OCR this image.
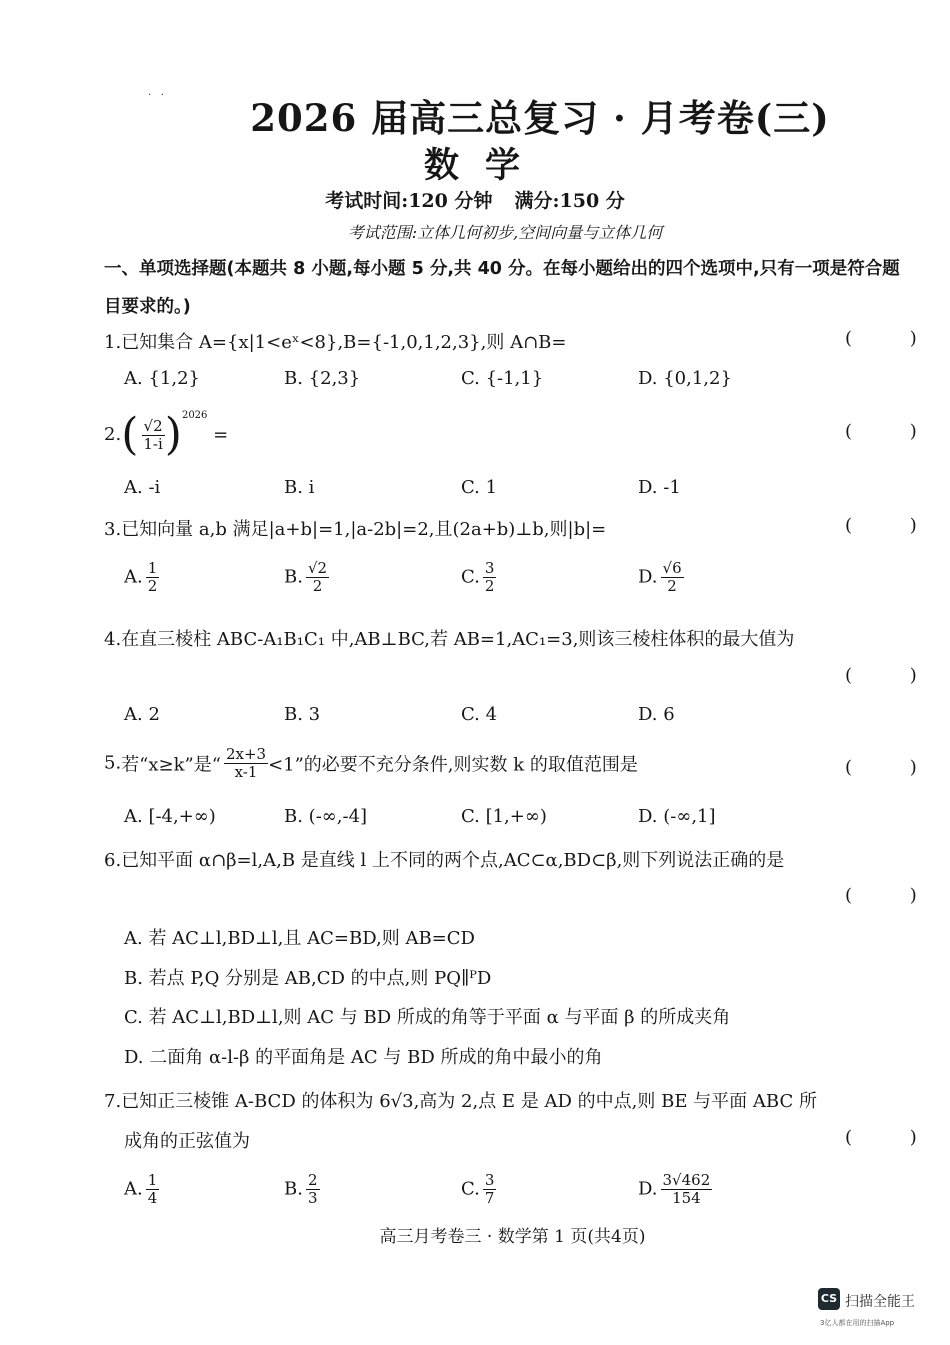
·   ·
2026 届高三总复习 · 月考卷(三)
数学
考试时间:120 分钟 满分:150 分
考试范围:立体几何初步,空间向量与立体几何
一、单项选择题(本题共 8 小题,每小题 5 分,共 40 分。在每小题给出的四个选项中,只有一项是符合题目要求的。)
1.已知集合 A={x|1<eˣ<8},B={-1,0,1,2,3},则 A∩B=	( )
A. {1,2}	B. {2,3}	C. {-1,1}	D. {0,1,2}
$2.( \frac{√2}{1-i} )^{2026}$ =	( )
A. -i	B. i	C. 1	D. -1
3.已知向量 a,b 满足|a+b|=1,|a-2b|=2,且(2a+b)⊥b,则|b|=	( )
A. $\frac{1}{2}$	B. $\frac{√2}{2}$	C. $\frac{3}{2}$	D. $\frac{√6}{2}$
4.在直三棱柱 ABC-A₁B₁C₁ 中,AB⊥BC,若 AB=1,AC₁=3,则该三棱柱体积的最大值为
( )
A. 2	B. 3	C. 4	D. 6
5.若“x≥k”是“ $\frac{2x+3}{x-1} <1$”的必要不充分条件,则实数 k 的取值范围是	( )
A. [-4,+∞)	B. (-∞,-4]	C. [1,+∞)	D. (-∞,1]
6.已知平面 α∩β=l,A,B 是直线 l 上不同的两个点,AC⊂α,BD⊂β,则下列说法正确的是
( )
A. 若 AC⊥l,BD⊥l,且 AC=BD,则 AB=CD
B. 若点 P,Q 分别是 AB,CD 的中点,则 PQ∥ᴾD
C. 若 AC⊥l,BD⊥l,则 AC 与 BD 所成的角等于平面 α 与平面 β 的所成夹角
D. 二面角 α-l-β 的平面角是 AC 与 BD 所成的角中最小的角
7.已知正三棱锥 A-BCD 的体积为 6√3,高为 2,点 E 是 AD 的中点,则 BE 与平面 ABC 所
成角的正弦值为	( )
A. $\frac{1}{4}$	B. $\frac{2}{3}$	C. $\frac{3}{7}$	D. $\frac{3√462}{154}$
高三月考卷三 · 数学第 1 页(共4页)
CS 扫描全能王
3亿人都在用的扫描App
